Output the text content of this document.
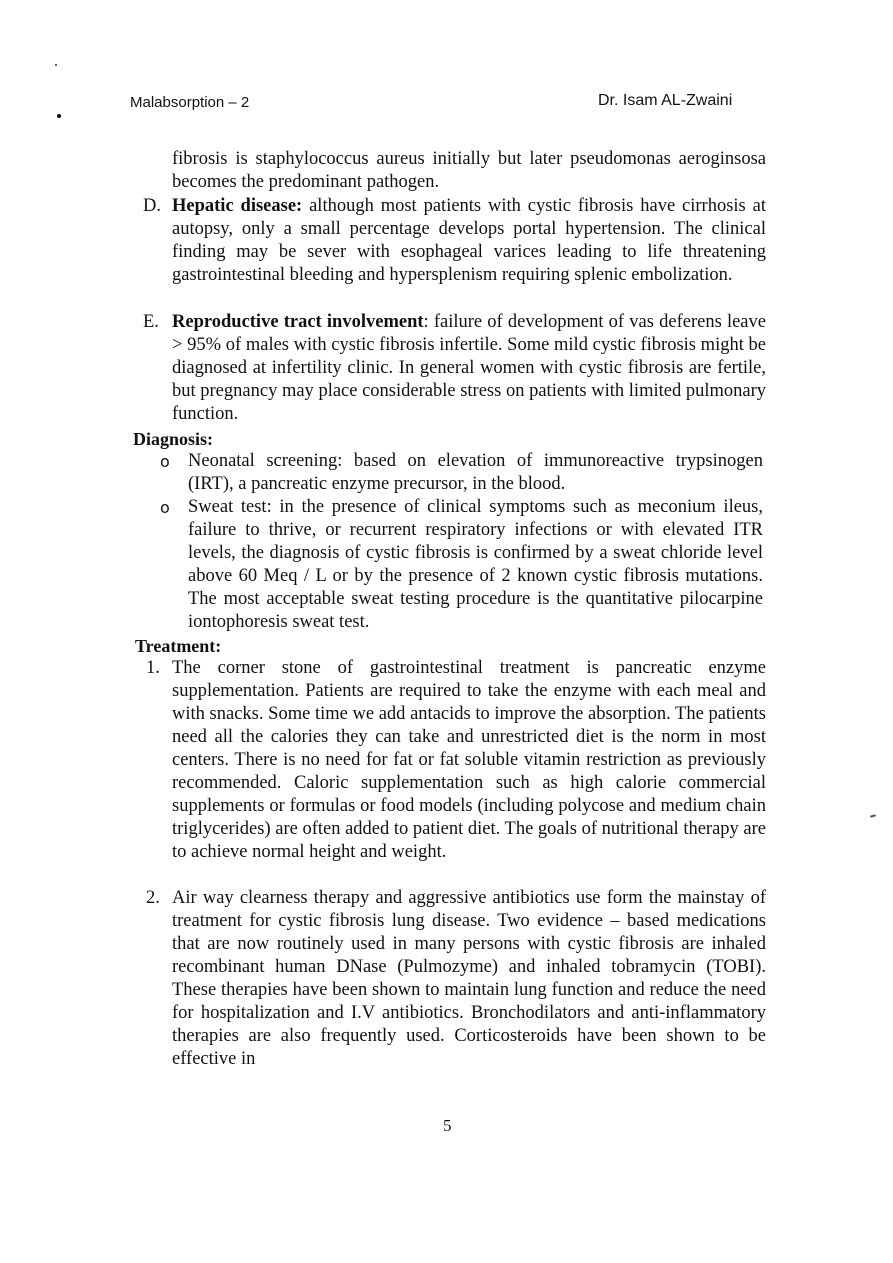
Malabsorption – 2	Dr. Isam AL-Zwaini
fibrosis is staphylococcus aureus initially but later pseudomonas aeroginsosa becomes the predominant pathogen.
D. Hepatic disease: although most patients with cystic fibrosis have cirrhosis at autopsy, only a small percentage develops portal hypertension. The clinical finding may be sever with esophageal varices leading to life threatening gastrointestinal bleeding and hypersplenism requiring splenic embolization.
E. Reproductive tract involvement: failure of development of vas deferens leave > 95% of males with cystic fibrosis infertile. Some mild cystic fibrosis might be diagnosed at infertility clinic. In general women with cystic fibrosis are fertile, but pregnancy may place considerable stress on patients with limited pulmonary function.
Diagnosis:
o Neonatal screening: based on elevation of immunoreactive trypsinogen (IRT), a pancreatic enzyme precursor, in the blood.
o Sweat test: in the presence of clinical symptoms such as meconium ileus, failure to thrive, or recurrent respiratory infections or with elevated ITR levels, the diagnosis of cystic fibrosis is confirmed by a sweat chloride level above 60 Meq / L or by the presence of 2 known cystic fibrosis mutations. The most acceptable sweat testing procedure is the quantitative pilocarpine iontophoresis sweat test.
Treatment:
1. The corner stone of gastrointestinal treatment is pancreatic enzyme supplementation. Patients are required to take the enzyme with each meal and with snacks. Some time we add antacids to improve the absorption. The patients need all the calories they can take and unrestricted diet is the norm in most centers. There is no need for fat or fat soluble vitamin restriction as previously recommended. Caloric supplementation such as high calorie commercial supplements or formulas or food models (including polycose and medium chain triglycerides) are often added to patient diet. The goals of nutritional therapy are to achieve normal height and weight.
2. Air way clearness therapy and aggressive antibiotics use form the mainstay of treatment for cystic fibrosis lung disease. Two evidence – based medications that are now routinely used in many persons with cystic fibrosis are inhaled recombinant human DNase (Pulmozyme) and inhaled tobramycin (TOBI). These therapies have been shown to maintain lung function and reduce the need for hospitalization and I.V antibiotics. Bronchodilators and anti-inflammatory therapies are also frequently used. Corticosteroids have been shown to be effective in
5
